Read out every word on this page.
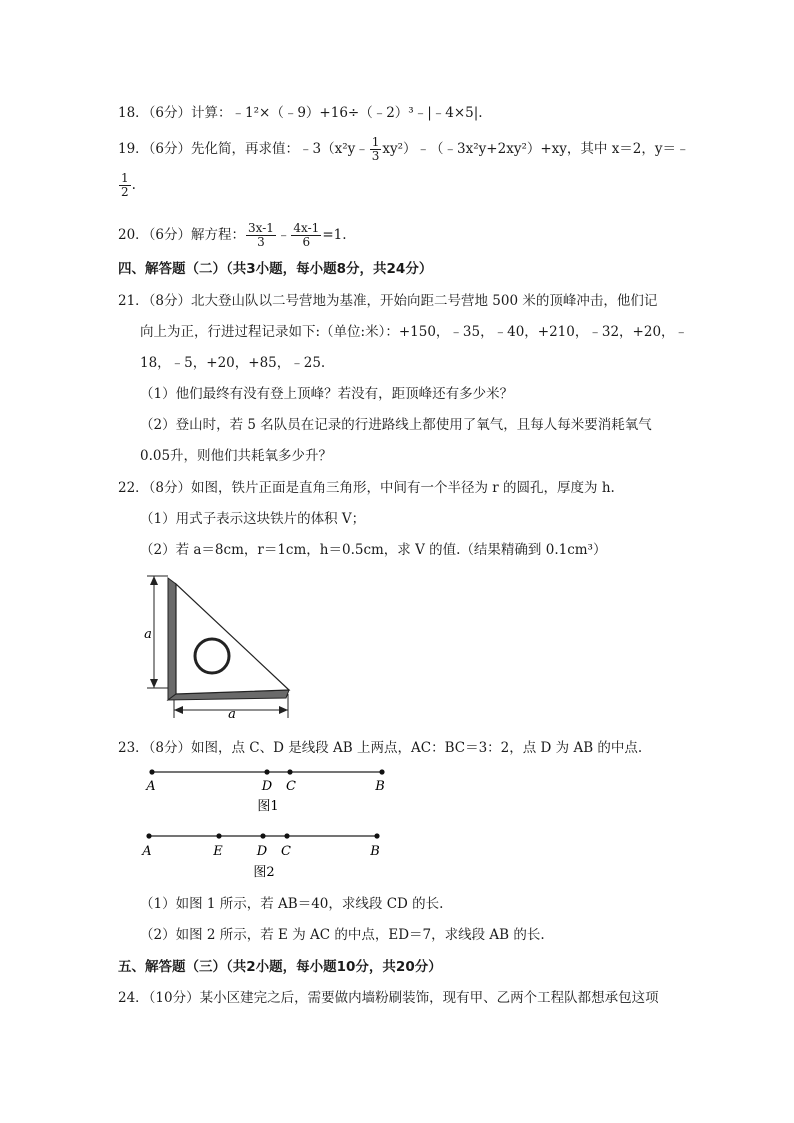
18．（6分）计算：﹣1²×（﹣9）+16÷（﹣2）³﹣|﹣4×5|.
19．（6分）先化简，再求值：﹣3（x²y﹣ $\frac{1}{3}$ xy²）﹣（﹣3x²y+2xy²）+xy，其中 x＝2，y＝﹣
$\frac{1}{2}$ .
20．（6分）解方程： $\frac{3x-1}{3}$ ﹣ $\frac{4x-1}{6} =1$.
四、解答题（二）（共3小题，每小题8分，共24分）
21．（8分）北大登山队以二号营地为基准，开始向距二号营地 500 米的顶峰冲击，他们记
向上为正，行进过程记录如下:（单位:米）：+150，﹣35，﹣40，+210，﹣32，+20，﹣
18，﹣5，+20，+85，﹣25.
（1）他们最终有没有登上顶峰？若没有，距顶峰还有多少米？
（2）登山时，若 5 名队员在记录的行进路线上都使用了氧气，且每人每米要消耗氧气
0.05升，则他们共耗氧多少升？
22．（8分）如图，铁片正面是直角三角形，中间有一个半径为 r 的圆孔，厚度为 h.
（1）用式子表示这块铁片的体积 V；
（2）若 a＝8cm，r＝1cm，h＝0.5cm，求 V 的值.（结果精确到 0.1cm³）
a
a
23．（8分）如图，点 C、D 是线段 AB 上两点，AC：BC＝3：2，点 D 为 AB 的中点.
A	D C	B
图1
A	E	D C	B
图2
（1）如图 1 所示，若 AB＝40，求线段 CD 的长.
（2）如图 2 所示，若 E 为 AC 的中点，ED＝7，求线段 AB 的长.
五、解答题（三）（共2小题，每小题10分，共20分）
24．（10分）某小区建完之后，需要做内墙粉刷装饰，现有甲、乙两个工程队都想承包这项
